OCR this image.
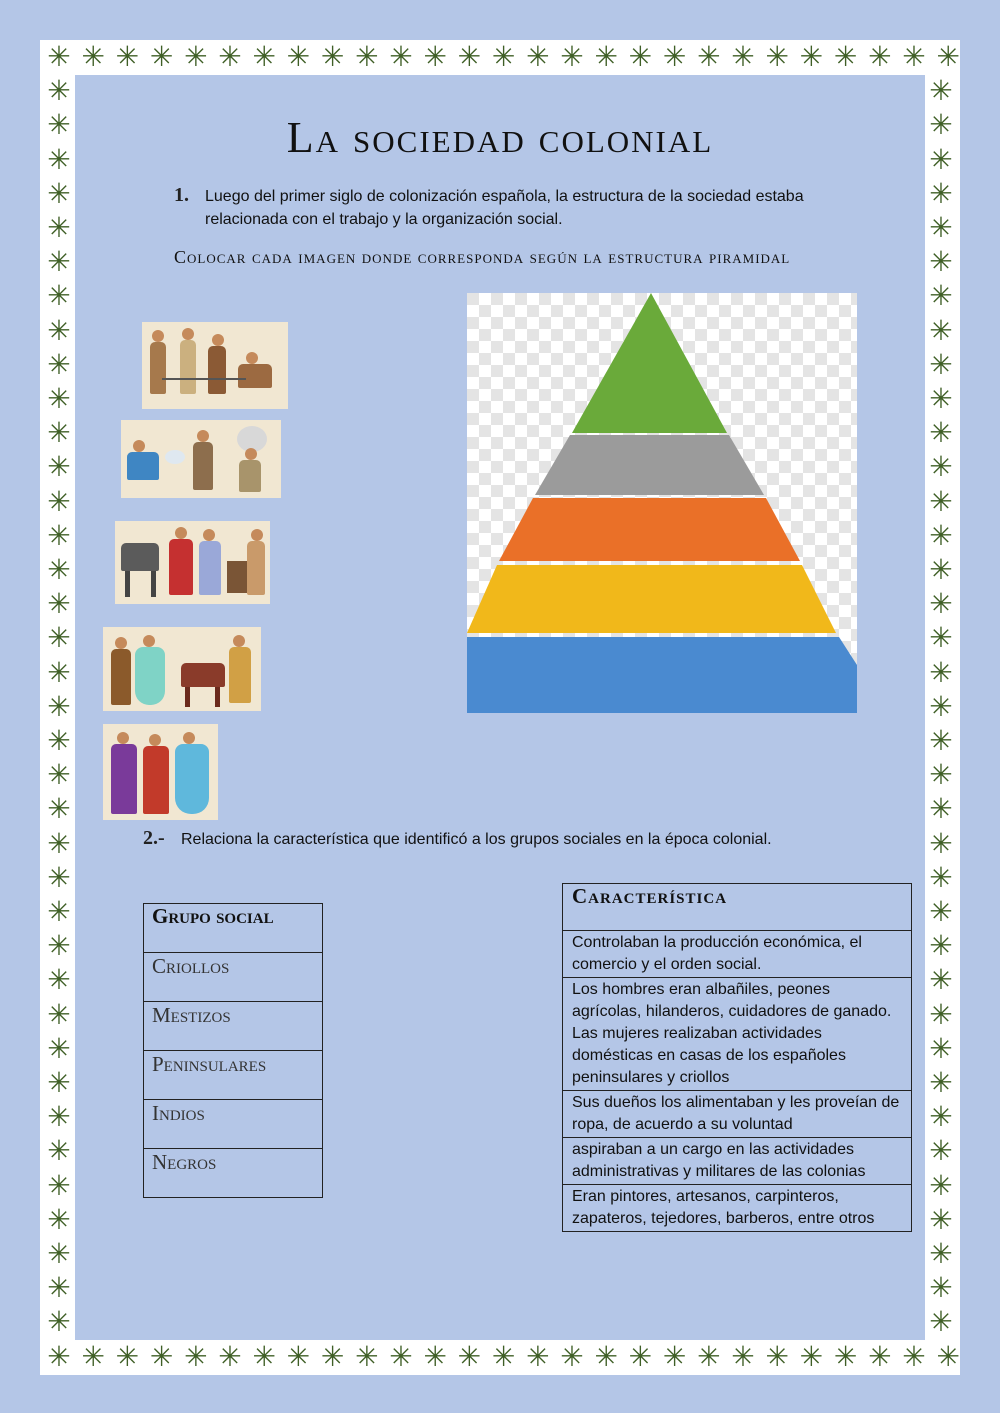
✳
✳
✳
✳
✳
✳
✳
✳
✳
✳
✳
✳
✳
✳
✳
✳
✳
✳
✳
✳
✳
✳
✳
✳
✳
✳
✳
✳
✳
✳
✳
✳
✳
✳
✳
✳
✳
✳
✳
✳
✳
✳
✳
✳
✳
✳
✳
✳
✳
✳
✳
✳
✳
✳
✳	✳
✳	✳
✳	✳
✳	✳
✳	✳
✳	✳
✳	✳
✳	✳
✳	✳
✳	✳
✳	✳
✳	✳
✳	✳
✳	✳
✳	✳
✳	✳
✳	✳
✳	✳
✳	✳
✳	✳
✳	✳
✳	✳
✳	✳
✳	✳
✳	✳
✳	✳
✳	✳
✳	✳
✳	✳
✳	✳
✳	✳
✳	✳
✳	✳
✳	✳
✳	✳
✳	✳
✳	✳
La sociedad colonial
1. Luego del primer siglo de colonización española, la estructura de la sociedad estaba relacionada con el trabajo y la organización social.
Colocar cada imagen donde corresponda según la estructura piramidal
2.- Relaciona la característica que identificó a los grupos sociales en la época colonial.
Grupo social
Criollos
Mestizos
Peninsulares
Indios
Negros
Característica
Controlaban la producción económica, el comercio y el orden social.
Los hombres eran albañiles, peones agrícolas, hilanderos, cuidadores de ganado. Las mujeres realizaban actividades domésticas en casas de los españoles peninsulares y criollos
Sus dueños los alimentaban y les proveían de ropa, de acuerdo a su voluntad
aspiraban a un cargo en las actividades administrativas y militares de las colonias
Eran pintores, artesanos, carpinteros, zapateros, tejedores, barberos, entre otros
